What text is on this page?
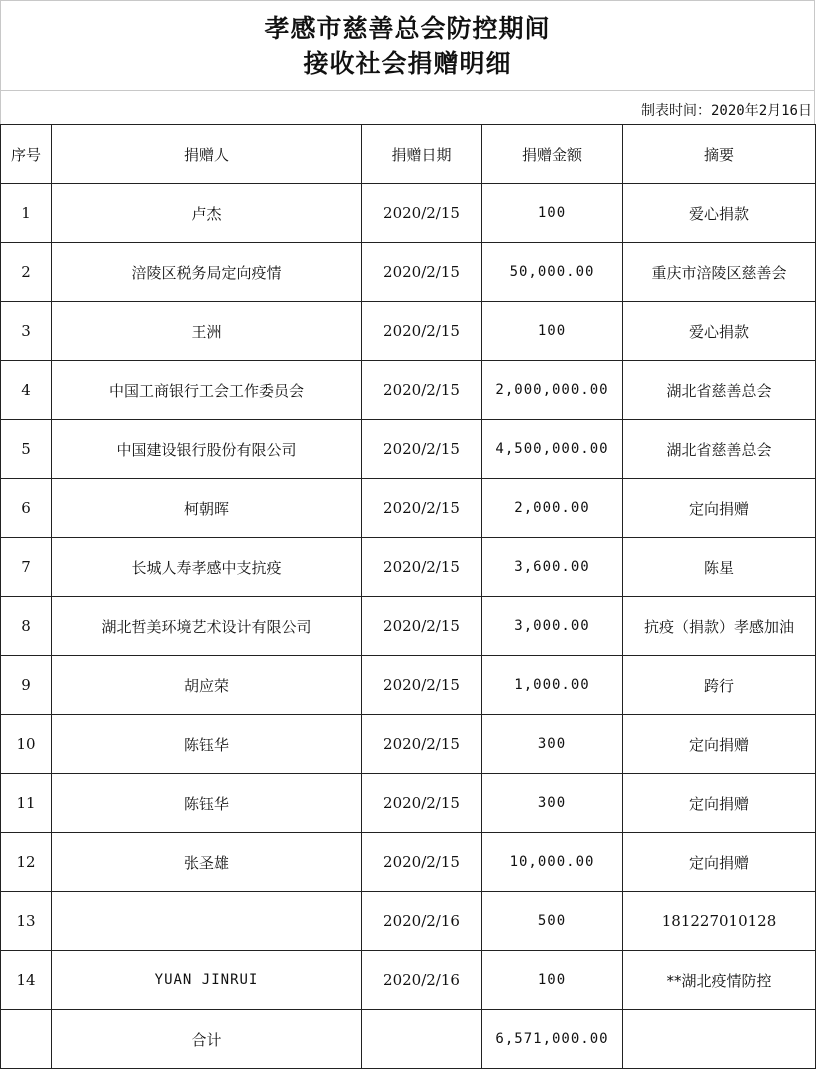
孝感市慈善总会防控期间
接收社会捐赠明细
制表时间：2020年2月16日
序号	捐赠人	捐赠日期	捐赠金额	摘要
1	卢杰	2020/2/15	100	爱心捐款
2	涪陵区税务局定向疫情	2020/2/15	50,000.00	重庆市涪陵区慈善会
3	王洲	2020/2/15	100	爱心捐款
4	中国工商银行工会工作委员会	2020/2/15	2,000,000.00	湖北省慈善总会
5	中国建设银行股份有限公司	2020/2/15	4,500,000.00	湖北省慈善总会
6	柯朝晖	2020/2/15	2,000.00	定向捐赠
7	长城人寿孝感中支抗疫	2020/2/15	3,600.00	陈星
8	湖北哲美环境艺术设计有限公司	2020/2/15	3,000.00	抗疫（捐款）孝感加油
9	胡应荣	2020/2/15	1,000.00	跨行
10	陈钰华	2020/2/15	300	定向捐赠
11	陈钰华	2020/2/15	300	定向捐赠
12	张圣雄	2020/2/15	10,000.00	定向捐赠
13		2020/2/16	500	181227010128
14	YUAN JINRUI	2020/2/16	100	**湖北疫情防控
	合计		6,571,000.00	
